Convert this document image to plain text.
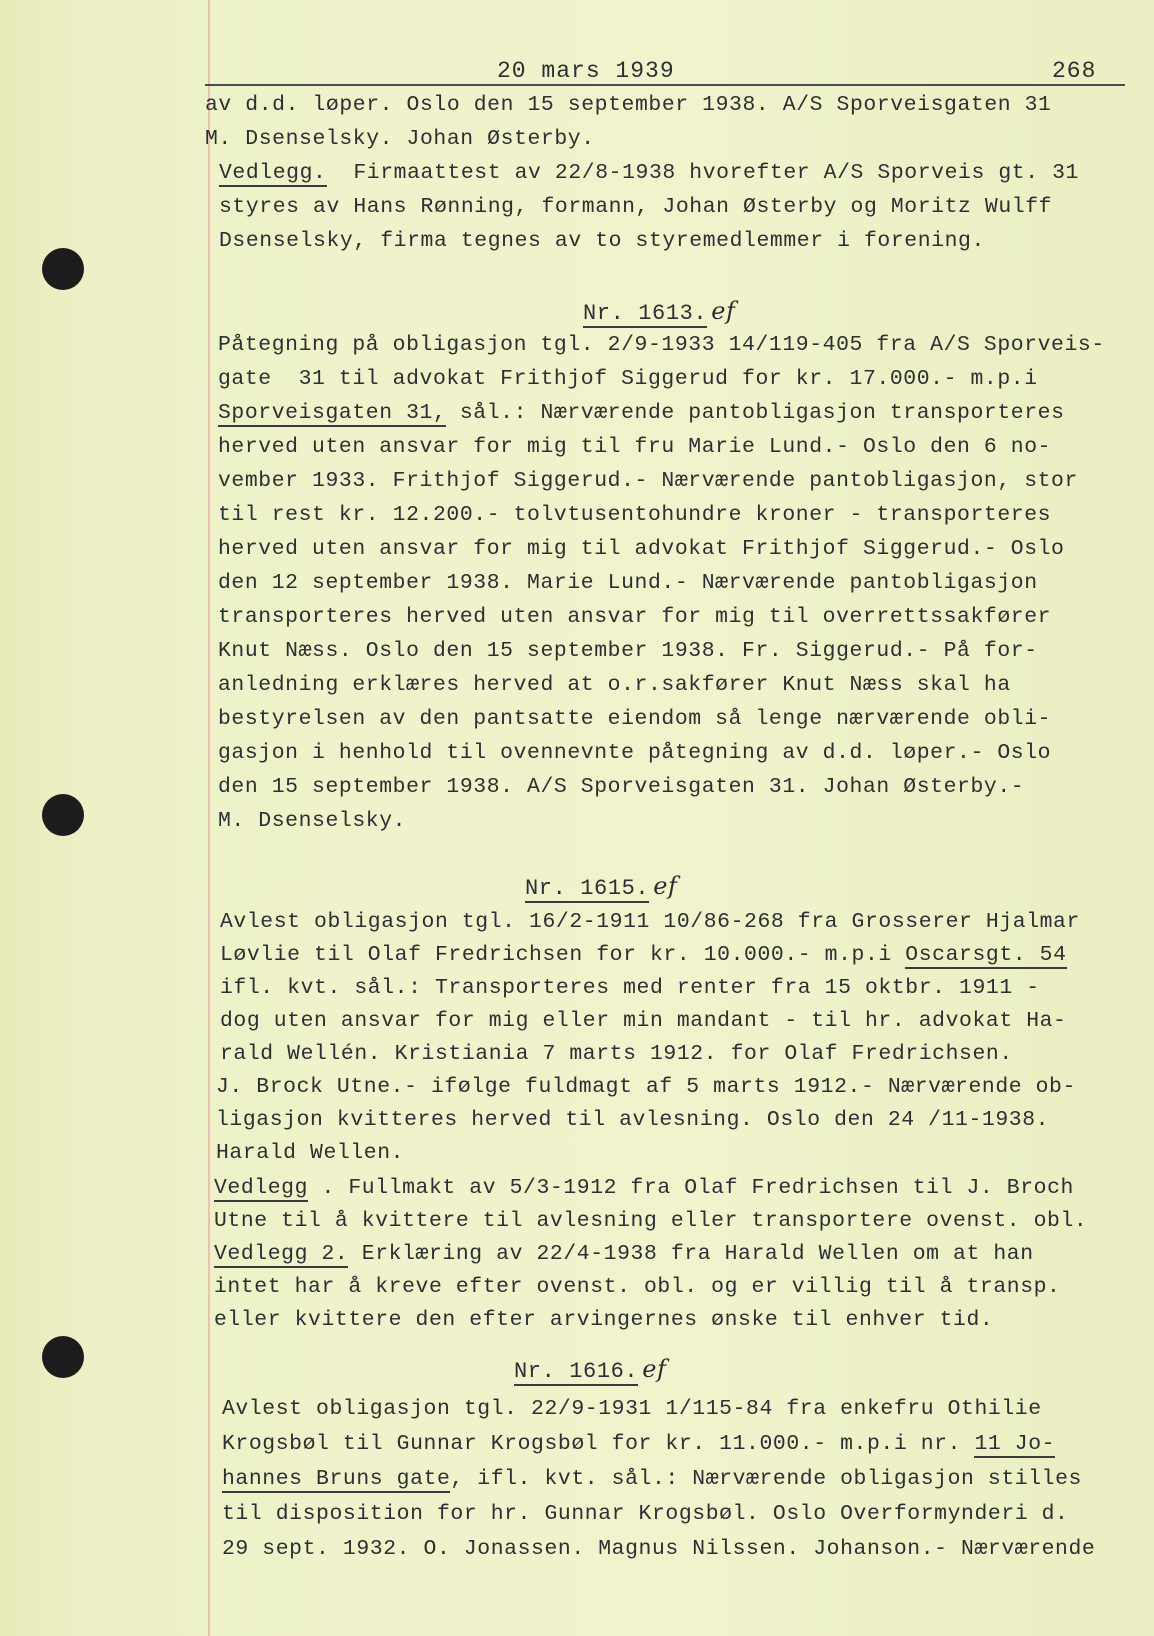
20 mars 1939	268
av d.d. løper. Oslo den 15 september 1938. A/S Sporveisgaten 31
M. Dsenselsky. Johan Østerby.
Vedlegg. Firmaattest av 22/8-1938 hvorefter A/S Sporveis gt. 31
styres av Hans Rønning, formann, Johan Østerby og Moritz Wulff
Dsenselsky, firma tegnes av to styremedlemmer i forening.
Nr. 1613. ef
Påtegning på obligasjon tgl. 2/9-1933 14/119-405 fra A/S Sporveis-
gate  31 til advokat Frithjof Siggerud for kr. 17.000.- m.p.i
Sporveisgaten 31, sål.: Nærværende pantobligasjon transporteres
herved uten ansvar for mig til fru Marie Lund.- Oslo den 6 no-
vember 1933. Frithjof Siggerud.- Nærværende pantobligasjon, stor
til rest kr. 12.200.- tolvtusentohundre kroner - transporteres
herved uten ansvar for mig til advokat Frithjof Siggerud.- Oslo
den 12 september 1938. Marie Lund.- Nærværende pantobligasjon
transporteres herved uten ansvar for mig til overrettssakfører
Knut Næss. Oslo den 15 september 1938. Fr. Siggerud.- På for-
anledning erklæres herved at o.r.sakfører Knut Næss skal ha
bestyrelsen av den pantsatte eiendom så lenge nærværende obli-
gasjon i henhold til ovennevnte påtegning av d.d. løper.- Oslo
den 15 september 1938. A/S Sporveisgaten 31. Johan Østerby.-
M. Dsenselsky.
Nr. 1615. ef
Avlest obligasjon tgl. 16/2-1911 10/86-268 fra Grosserer Hjalmar
Løvlie til Olaf Fredrichsen for kr. 10.000.- m.p.i Oscarsgt. 54
ifl. kvt. sål.: Transporteres med renter fra 15 oktbr. 1911 -
dog uten ansvar for mig eller min mandant - til hr. advokat Ha-
rald Wellén. Kristiania 7 marts 1912. for Olaf Fredrichsen.
J. Brock Utne.- ifølge fuldmagt af 5 marts 1912.- Nærværende ob-
ligasjon kvitteres herved til avlesning. Oslo den 24 /11-1938.
Harald Wellen.
Vedlegg . Fullmakt av 5/3-1912 fra Olaf Fredrichsen til J. Broch
Utne til å kvittere til avlesning eller transportere ovenst. obl.
Vedlegg 2. Erklæring av 22/4-1938 fra Harald Wellen om at han
intet har å kreve efter ovenst. obl. og er villig til å transp.
eller kvittere den efter arvingernes ønske til enhver tid.
Nr. 1616. ef
Avlest obligasjon tgl. 22/9-1931 1/115-84 fra enkefru Othilie
Krogsbøl til Gunnar Krogsbøl for kr. 11.000.- m.p.i nr. 11 Jo-
hannes Bruns gate, ifl. kvt. sål.: Nærværende obligasjon stilles
til disposition for hr. Gunnar Krogsbøl. Oslo Overformynderi d.
29 sept. 1932. O. Jonassen. Magnus Nilssen. Johanson.- Nærværende
